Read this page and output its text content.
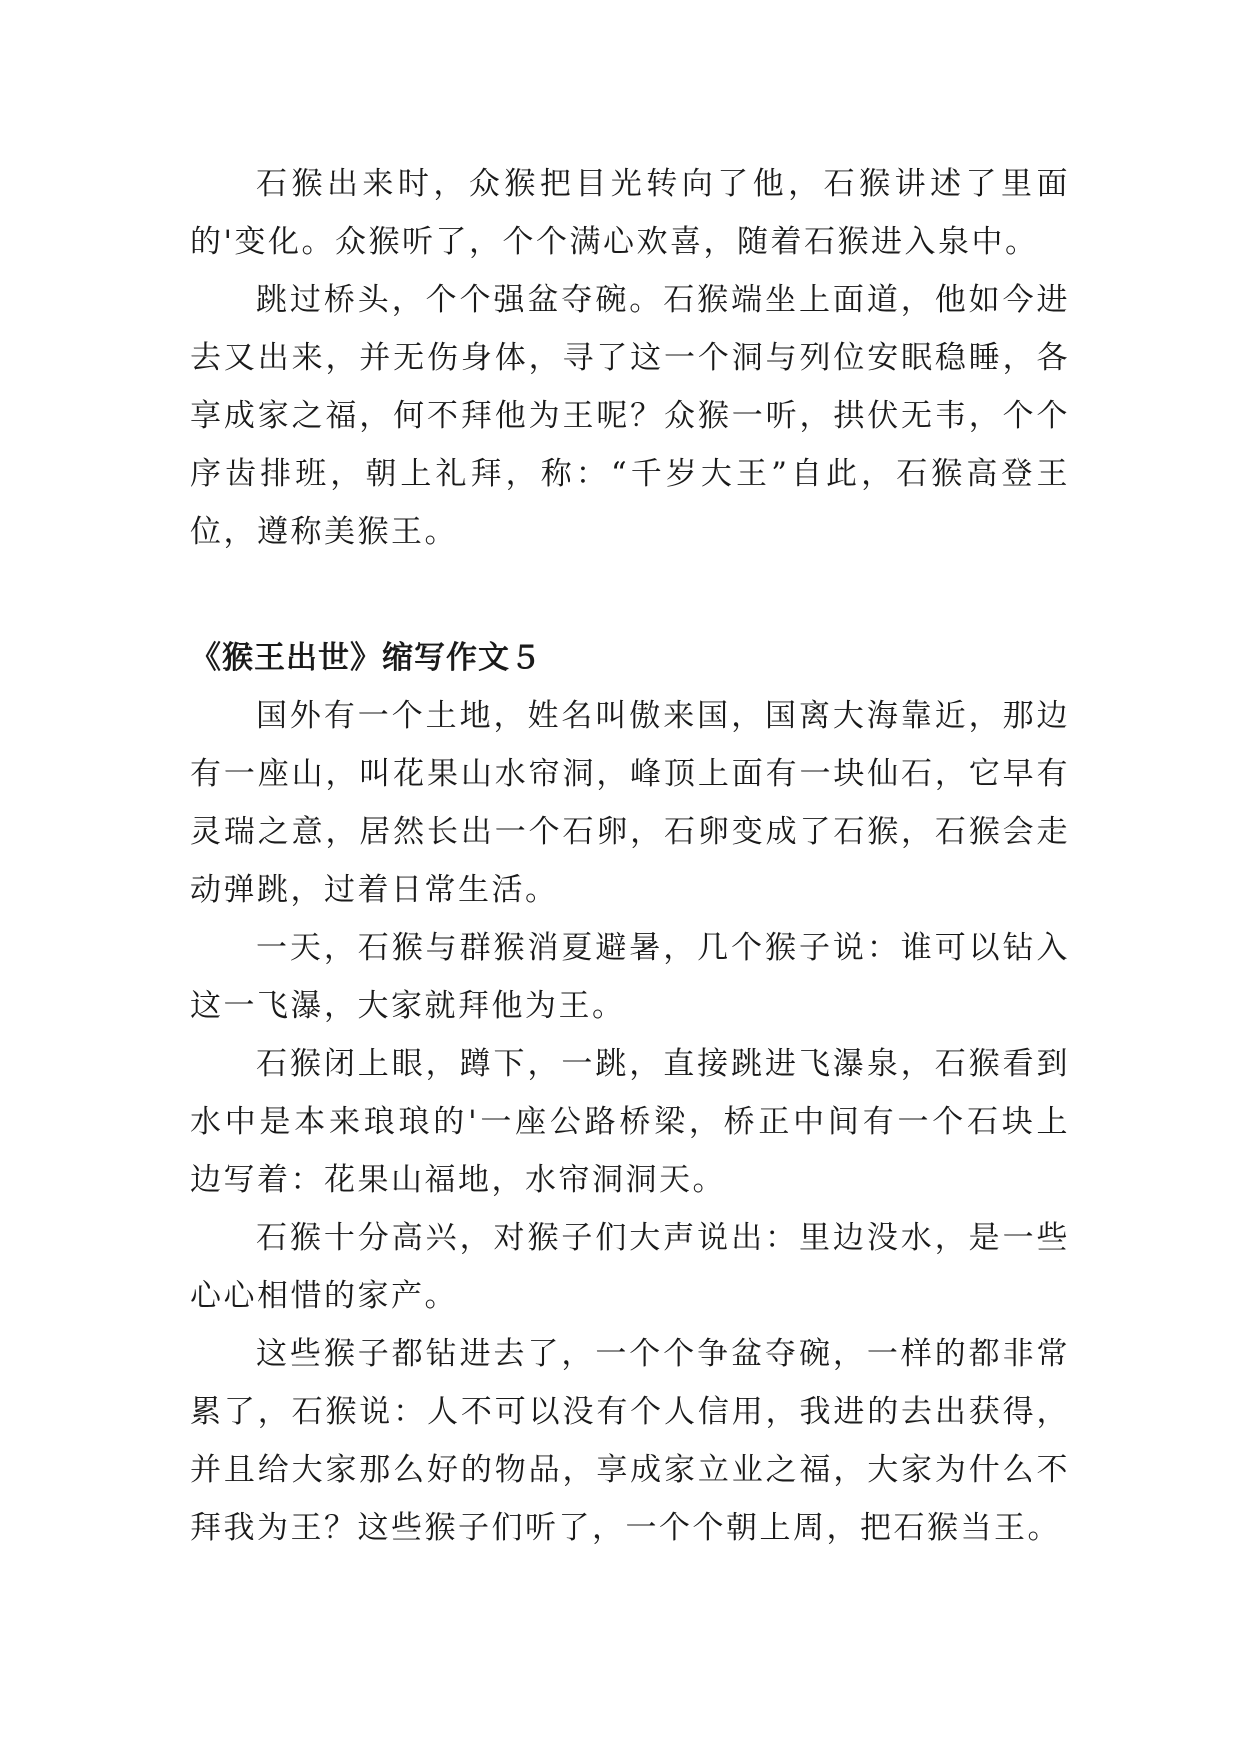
石猴出来时，众猴把目光转向了他，石猴讲述了里面的'变化。众猴听了，个个满心欢喜，随着石猴进入泉中。

跳过桥头，个个强盆夺碗。石猴端坐上面道，他如今进去又出来，并无伤身体，寻了这一个洞与列位安眠稳睡，各享成家之福，何不拜他为王呢？众猴一听，拱伏无韦，个个序齿排班，朝上礼拜，称：“千岁大王”自此，石猴高登王位，遵称美猴王。

《猴王出世》缩写作文５

国外有一个土地，姓名叫傲来国，国离大海靠近，那边有一座山，叫花果山水帘洞，峰顶上面有一块仙石，它早有灵瑞之意，居然长出一个石卵，石卵变成了石猴，石猴会走动弹跳，过着日常生活。

一天，石猴与群猴消夏避暑，几个猴子说：谁可以钻入这一飞瀑，大家就拜他为王。

石猴闭上眼，蹲下，一跳，直接跳进飞瀑泉，石猴看到水中是本来琅琅的'一座公路桥梁，桥正中间有一个石块上边写着：花果山福地，水帘洞洞天。

石猴十分高兴，对猴子们大声说出：里边没水，是一些心心相惜的家产。

这些猴子都钻进去了，一个个争盆夺碗，一样的都非常累了，石猴说：人不可以没有个人信用，我进的去出获得，并且给大家那么好的物品，享成家立业之福，大家为什么不拜我为王？这些猴子们听了，一个个朝上周，把石猴当王。
